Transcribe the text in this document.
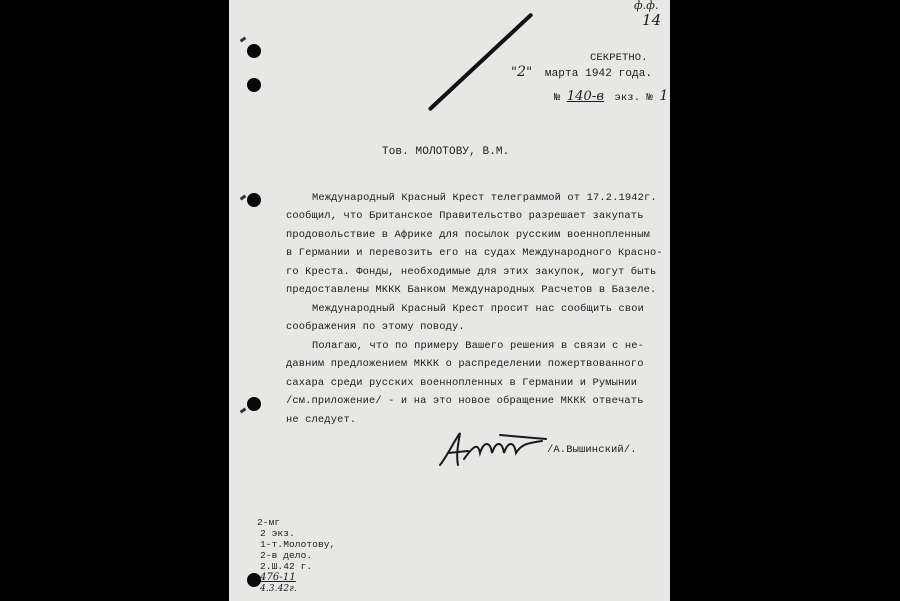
ф.ф.
14
СЕКРЕТНО.
"2" марта 1942 года.
№ 140-в экз. № 1
Тов. МОЛОТОВУ, В.М.
Международный Красный Крест телеграммой от 17.2.1942г.
сообщил, что Британское Правительство разрешает закупать
продовольствие в Африке для посылок русским военнопленным
в Германии и перевозить его на судах Международного Красно-
го Креста. Фонды, необходимые для этих закупок, могут быть
предоставлены МККК Банком Международных Расчетов в Базеле.
Международный Красный Крест просит нас сообщить свои
соображения по этому поводу.
Полагаю, что по примеру Вашего решения в связи с не-
давним предложением МККК о распределении пожертвованного
сахара среди русских военнопленных в Германии и Румынии
/см.приложение/ - и на это новое обращение МККК отвечать
не следует.
/А.Вышинский/.
2-мг
2 экз.
1-т.Молотову,
2-в дело.
2.Ш.42 г.
476-11
4.3.42г.
